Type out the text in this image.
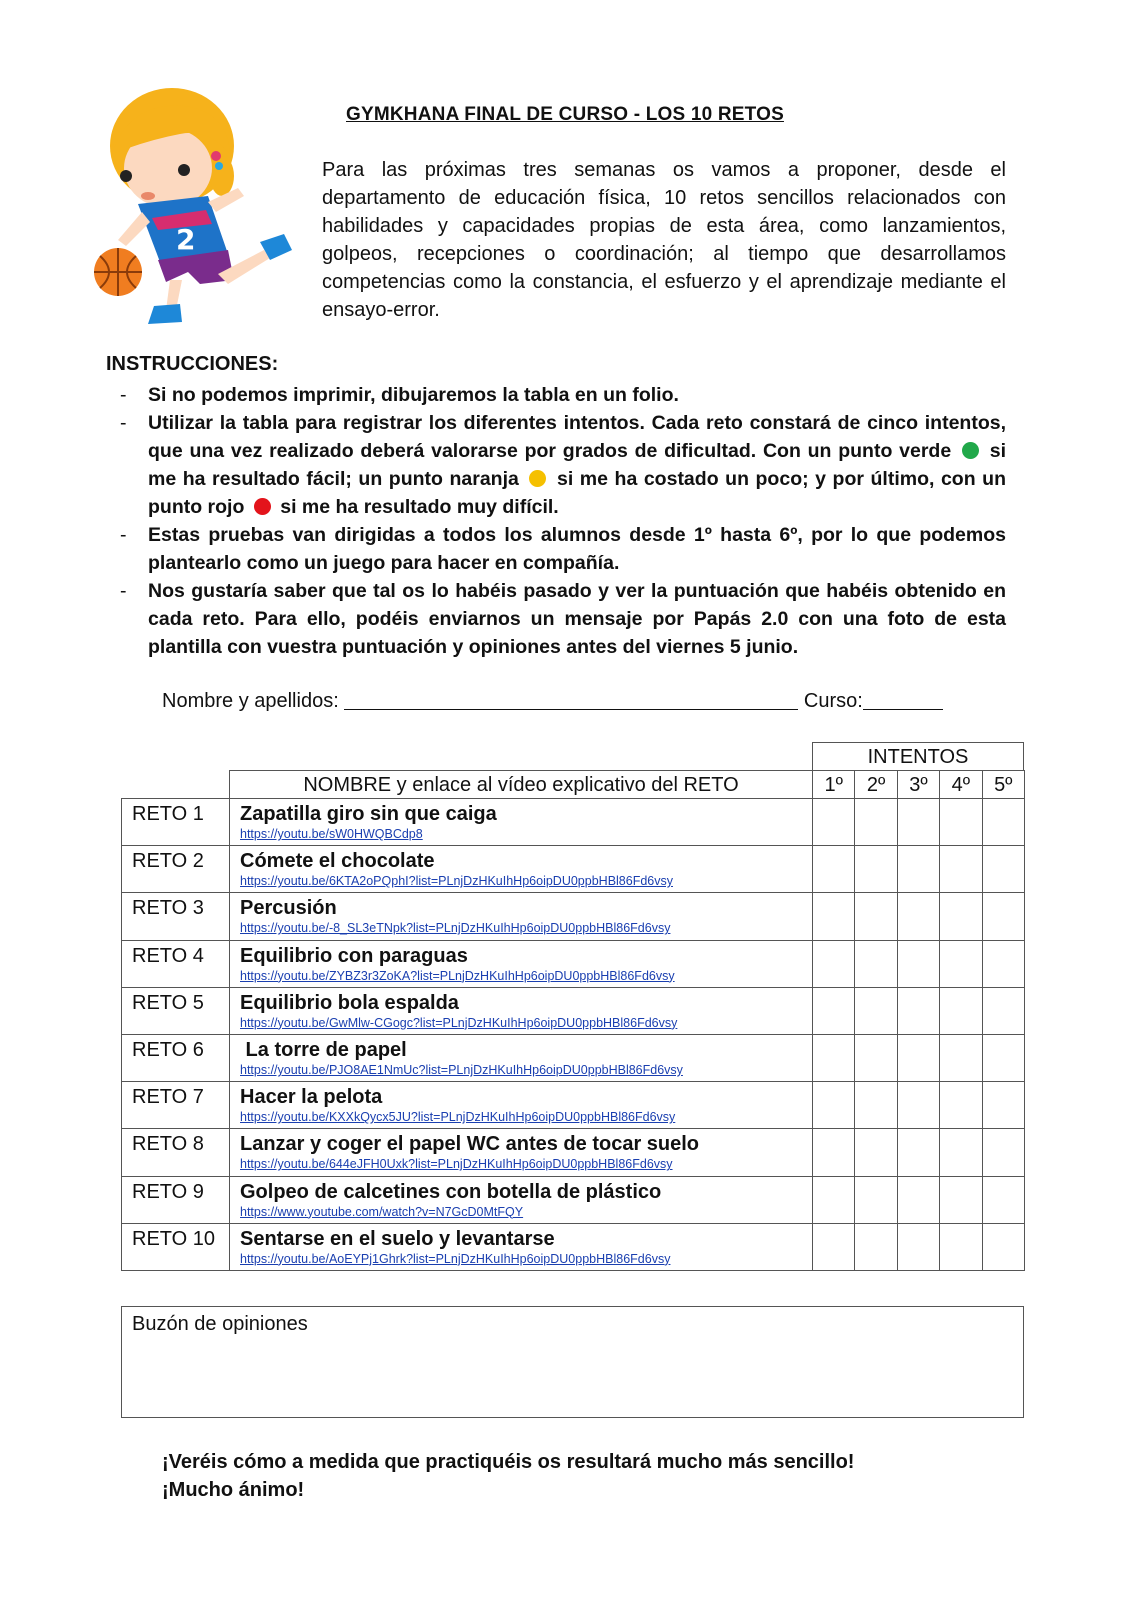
2
GYMKHANA FINAL DE CURSO - LOS 10 RETOS
Para las próximas tres semanas os vamos a proponer, desde el departamento de educación física, 10 retos sencillos relacionados con habilidades y capacidades propias de esta área, como lanzamientos, golpeos, recepciones o coordinación; al tiempo que desarrollamos competencias como la constancia, el esfuerzo y el aprendizaje mediante el ensayo-error.
INSTRUCCIONES:
- Si no podemos imprimir, dibujaremos la tabla en un folio.
- Utilizar la tabla para registrar los diferentes intentos. Cada reto constará de cinco intentos, que una vez realizado deberá valorarse por grados de dificultad. Con un punto verde si me ha resultado fácil; un punto naranja si me ha costado un poco; y por último, con un punto rojo si me ha resultado muy difícil.
- Estas pruebas van dirigidas a todos los alumnos desde 1º hasta 6º, por lo que podemos plantearlo como un juego para hacer en compañía.
- Nos gustaría saber que tal os lo habéis pasado y ver la puntuación que habéis obtenido en cada reto. Para ello, podéis enviarnos un mensaje por Papás 2.0 con una foto de esta plantilla con vuestra puntuación y opiniones antes del viernes 5 junio.
Nombre y apellidos:	Curso:
INTENTOS
NOMBRE y enlace al vídeo explicativo del RETO	1º	2º	3º	4º	5º
RETO 1	Zapatilla giro sin que caiga
https://youtu.be/sW0HWQBCdp8
RETO 2	Cómete el chocolate
https://youtu.be/6KTA2oPQphI?list=PLnjDzHKuIhHp6oipDU0ppbHBl86Fd6vsy
RETO 3	Percusión
https://youtu.be/-8_SL3eTNpk?list=PLnjDzHKuIhHp6oipDU0ppbHBl86Fd6vsy
RETO 4	Equilibrio con paraguas
https://youtu.be/ZYBZ3r3ZoKA?list=PLnjDzHKuIhHp6oipDU0ppbHBl86Fd6vsy
RETO 5	Equilibrio bola espalda
https://youtu.be/GwMlw-CGogc?list=PLnjDzHKuIhHp6oipDU0ppbHBl86Fd6vsy
RETO 6	La torre de papel
https://youtu.be/PJO8AE1NmUc?list=PLnjDzHKuIhHp6oipDU0ppbHBl86Fd6vsy
RETO 7	Hacer la pelota
https://youtu.be/KXXkQycx5JU?list=PLnjDzHKuIhHp6oipDU0ppbHBl86Fd6vsy
RETO 8	Lanzar y coger el papel WC antes de tocar suelo
https://youtu.be/644eJFH0Uxk?list=PLnjDzHKuIhHp6oipDU0ppbHBl86Fd6vsy
RETO 9	Golpeo de calcetines con botella de plástico
https://www.youtube.com/watch?v=N7GcD0MtFQY
RETO 10	Sentarse en el suelo y levantarse
https://youtu.be/AoEYPj1Ghrk?list=PLnjDzHKuIhHp6oipDU0ppbHBl86Fd6vsy
Buzón de opiniones
¡Veréis cómo a medida que practiquéis os resultará mucho más sencillo!
¡Mucho ánimo!
